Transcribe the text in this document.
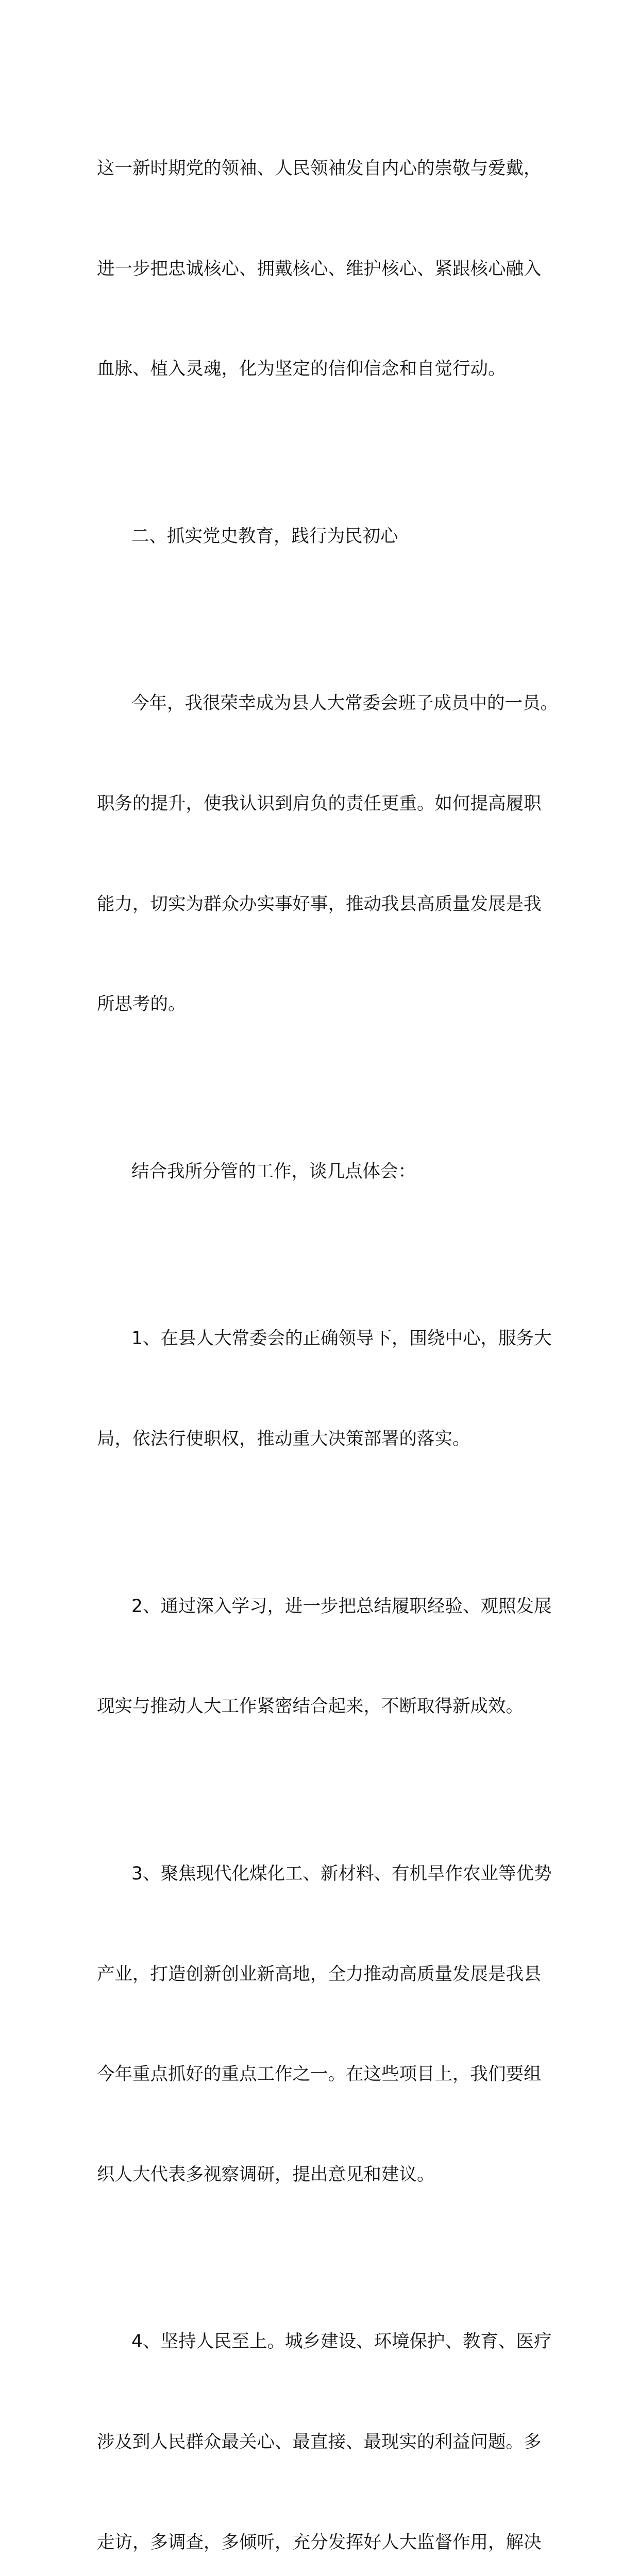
这一新时期党的领袖、人民领袖发自内心的崇敬与爱戴，

进一步把忠诚核心、拥戴核心、维护核心、紧跟核心融入

血脉、植入灵魂，化为坚定的信仰信念和自觉行动。

二、抓实党史教育，践行为民初心

今年，我很荣幸成为县人大常委会班子成员中的一员。

职务的提升，使我认识到肩负的责任更重。如何提高履职

能力，切实为群众办实事好事，推动我县高质量发展是我

所思考的。

结合我所分管的工作，谈几点体会：

1、在县人大常委会的正确领导下，围绕中心，服务大

局，依法行使职权，推动重大决策部署的落实。

2、通过深入学习，进一步把总结履职经验、观照发展

现实与推动人大工作紧密结合起来，不断取得新成效。

3、聚焦现代化煤化工、新材料、有机旱作农业等优势

产业，打造创新创业新高地，全力推动高质量发展是我县

今年重点抓好的重点工作之一。在这些项目上，我们要组

织人大代表多视察调研，提出意见和建议。

4、坚持人民至上。城乡建设、环境保护、教育、医疗

涉及到人民群众最关心、最直接、最现实的利益问题。多

走访，多调查，多倾听，充分发挥好人大监督作用，解决
